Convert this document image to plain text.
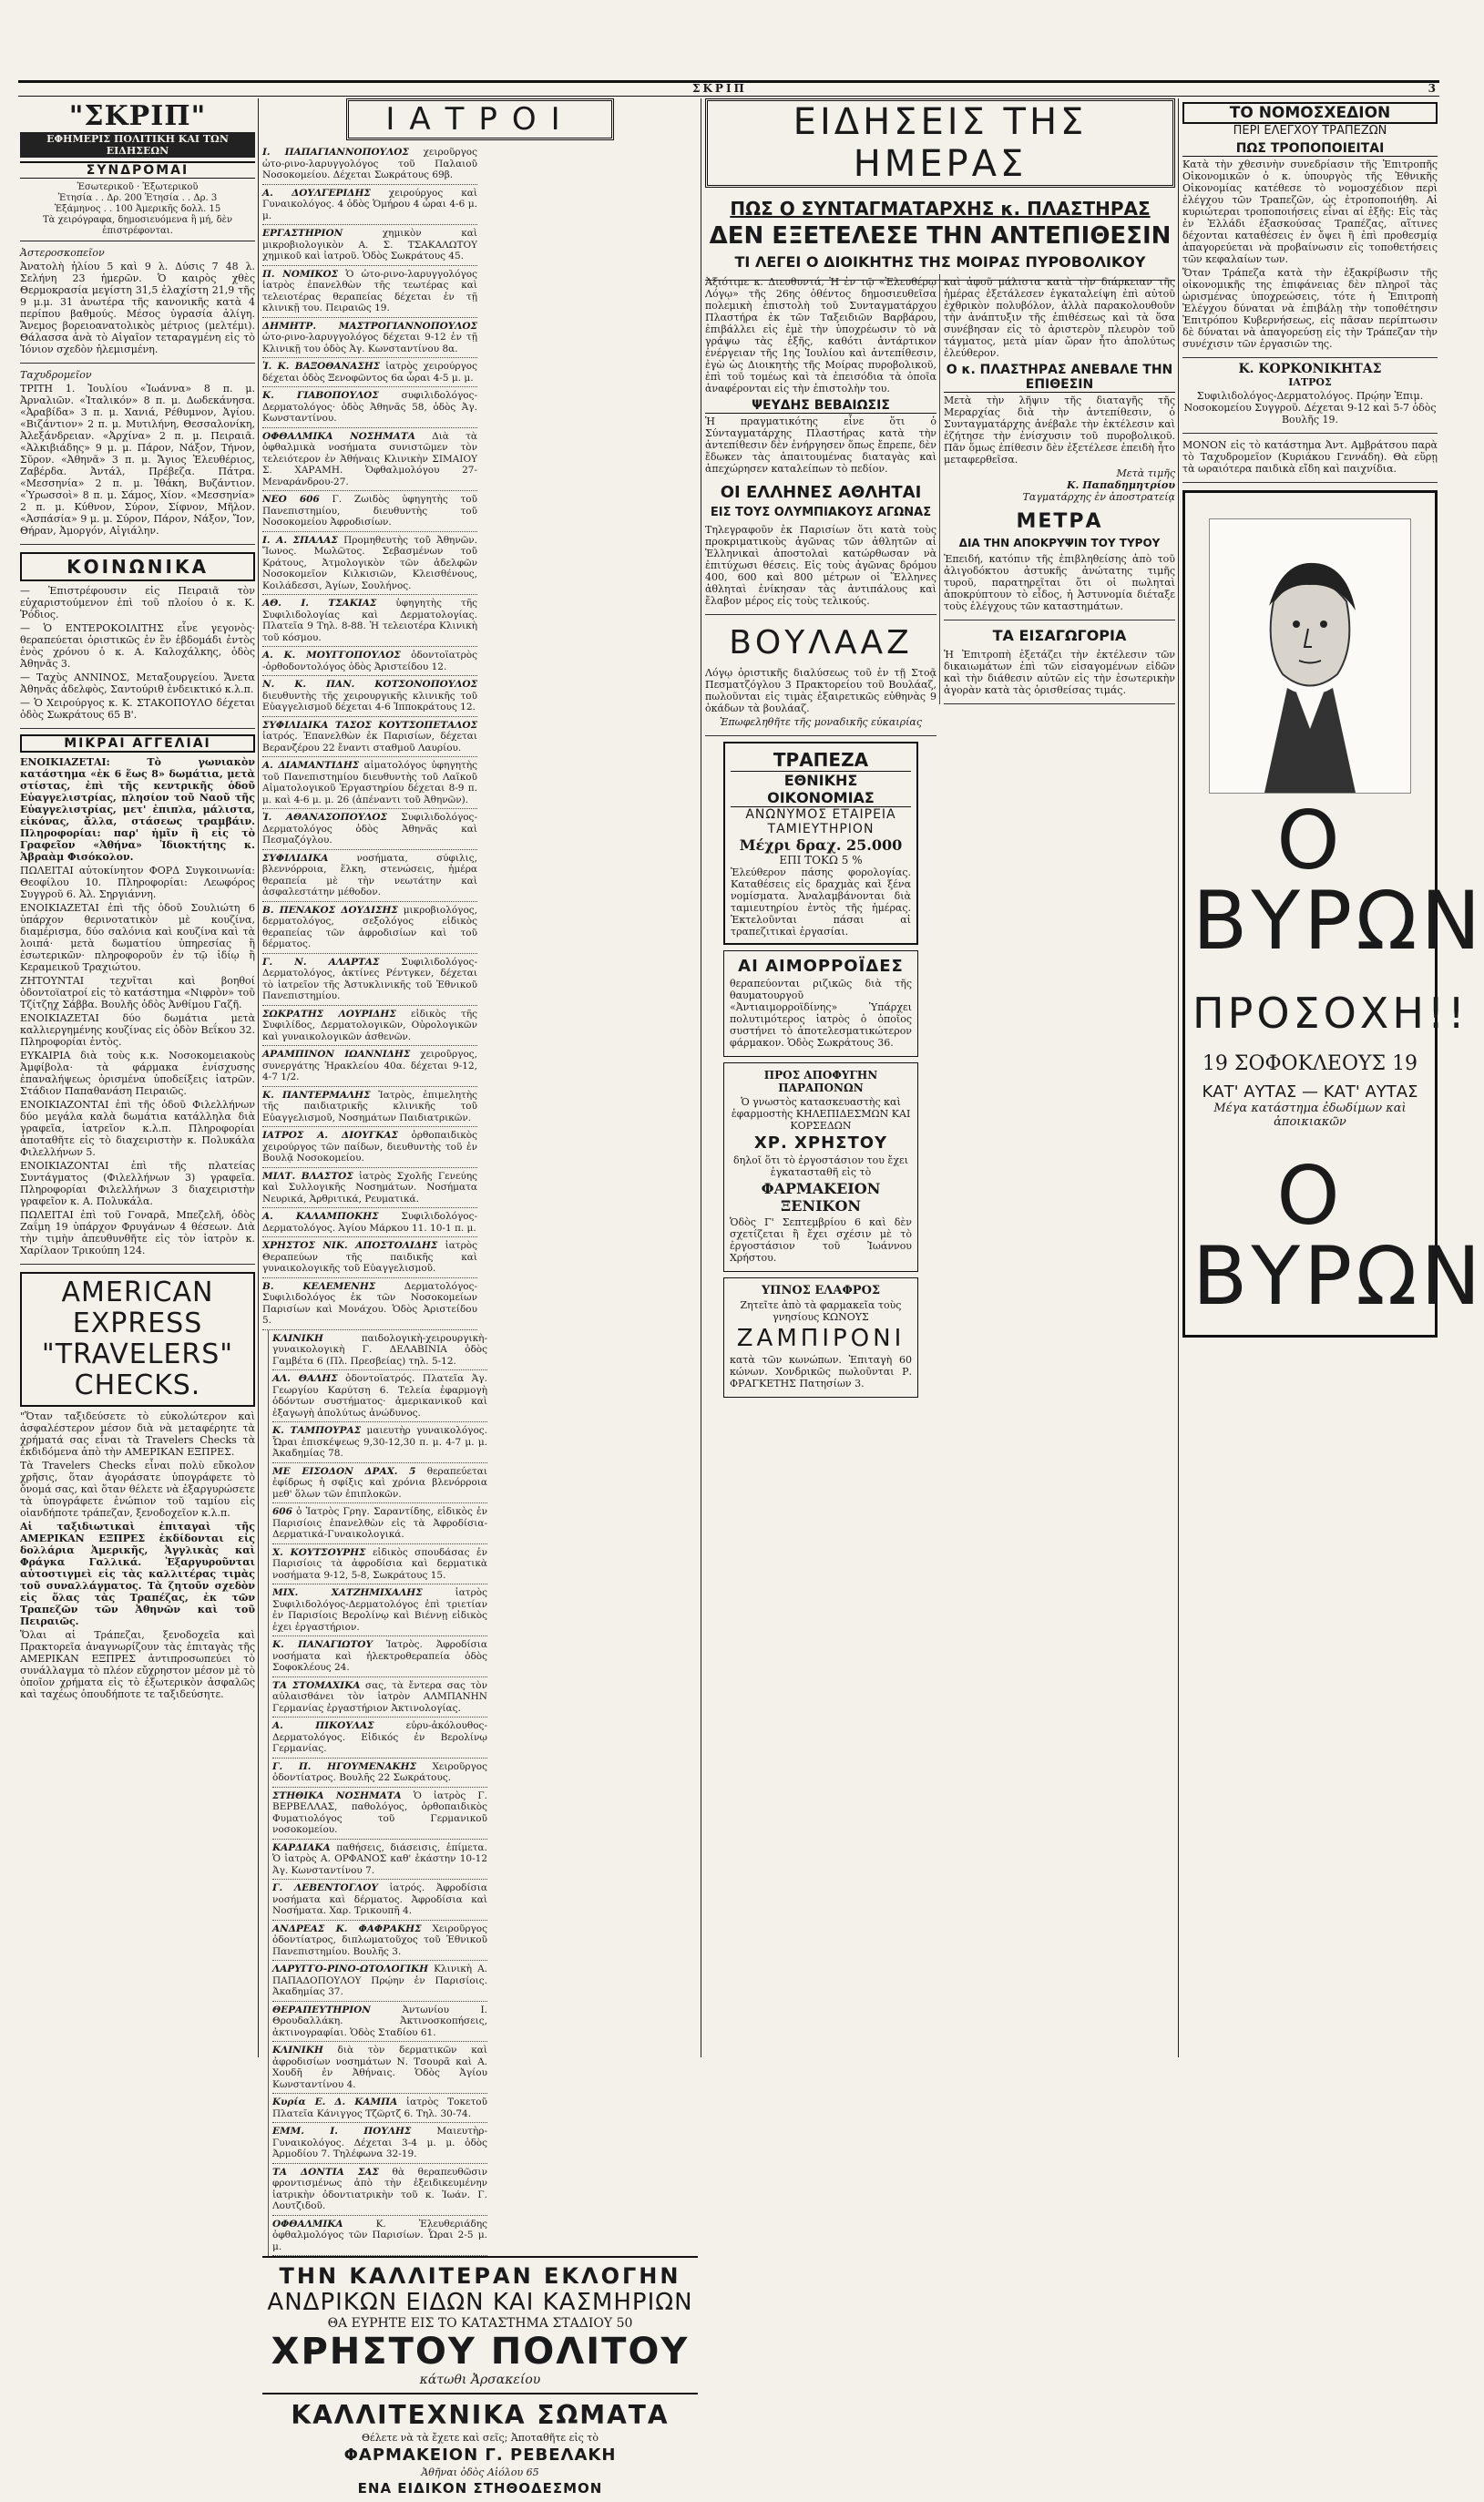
ΣΚΡΙΠ	3
"ΣΚΡΙΠ"
ΕΦΗΜΕΡΙΣ ΠΟΛΙΤΙΚΗ ΚΑΙ ΤΩΝ ΕΙΔΗΣΕΩΝ
ΣΥΝΔΡΟΜΑΙ
Ἐσωτερικοῦ · Ἐξωτερικοῦ
Ἐτησία . . Δρ. 200 Ἐτησία . . Δρ. 3
Ἑξάμηνος . . 100 Ἀμερικῆς δολλ. 15
Τὰ χειρόγραφα, δημοσιευόμενα ἢ μή, δὲν ἐπιστρέφονται.
Ἀστεροσκοπεῖον
Ἀνατολὴ ἡλίου 5 καὶ 9 λ. Δύσις 7 48 λ. Σελήνη 23 ἡμερῶν. Ὁ καιρὸς χθὲς Θερμοκρασία μεγίστη 31,5 ἐλαχίστη 21,9 τῆς 9 μ.μ. 31 ἀνωτέρα τῆς κανονικῆς κατὰ 4 περίπου βαθμούς. Μέσος ὑγρασία ἀλίγη. Ἄνεμος βορειοανατολικὸς μέτριος (μελτέμι). Θάλασσα ἀνὰ τὸ Αἰγαῖον τεταραγμένη εἰς τὸ Ἰόνιον σχεδὸν ἠλεμισμένη.
Ταχυδρομεῖον
ΤΡΙΤΗ 1. Ἰουλίου «Ἰωάννα» 8 π. μ. Ἀρναλιῶν. «Ἰταλικόν» 8 π. μ. Δωδεκάνησα. «Ἀραβίδα» 3 π. μ. Χανιά, Ρέθυμνον, Ἀγίου. «Βιζάντιον» 2 π. μ. Μυτιλήνη, Θεσσαλονίκη, Ἀλεξάνδρειαν. «Ἀρχίνα» 2 π. μ. Πειραιᾶ. «Ἀλκιβιάδης» 9 μ. μ. Πάρον, Νάξον, Τήνον, Σῦρον. «Ἀθηνᾶ» 3 π. μ. Ἄγιος Ἐλευθέριος, Ζαβέρδα. Ἀντάλ, Πρέβεζα. Πάτρα. «Μεσσηνία» 2 π. μ. Ἰθάκη, Βυζάντιον. «Ὑρωσσοὶ» 8 π. μ. Σάμος, Χίον. «Μεσσηνία» 2 π. μ. Κύθνον, Σύρον, Σίφνον, Μῆλον. «Ἀσπάσία» 9 μ. μ. Σύρον, Πάρον, Νάξον, Ἴον, Θήραν, Ἀμοργόν, Αἰγιάλην.
ΚΟΙΝΩΝΙΚΑ
— Ἐπιστρέφουσιν εἰς Πειραιᾶ τὸν εὐχαριστούμενον ἐπὶ τοῦ πλοίου ὁ κ. Κ. Ῥόδιος.
— Ὁ ΕΝΤΕΡΟΚΟΙΛΙΤΗΣ εἶνε γεγονὸς· θεραπεύεται ὁριστικῶς ἐν ἓν ἑβδομάδι ἐντὸς ἐνὸς χρόνου ὁ κ. Α. Καλοχάλκης, ὁδὸς Ἀθηνᾶς 3.
— Ταχὺς ΑΝΝΙΝΟΣ, Μεταξουργείου. Ἄνετα Ἀθηνᾶς ἀδελφὸς, Σαντούριθ ἑνδεικτικό κ.λ.π.
— Ὁ Χειρούργος κ. Κ. ΣΤΑΚΟΠΟΥΛΟ δέχεται ὁδὸς Σωκράτους 65 Β'.
ΜΙΚΡΑΙ ΑΓΓΕΛΙΑΙ
ΕΝΟΙΚΙΑΖΕΤΑΙ: Τὸ γωνιακὸν κατάστημα «ἐκ 6 ἕως 8» δωμάτια, μετὰ στίστας, ἐπὶ τῆς κεντρικῆς ὁδοῦ Εὐαγγελιστρίας, πλησίον τοῦ Ναοῦ τῆς Εὐαγγελιστρίας, μετ' ἐπιπλα, μάλιστα, εἰκόνας, ἄλλα, στάσεως τραμβάιν. Πληροφορίαι: παρ' ἡμῖν ἢ εἰς τὸ Γραφεῖον «Ἀθήνα» Ἰδιοκτήτης κ. Ἀβραὰμ Φισόκολον.
ΠΩΛΕΙΤΑΙ αὐτοκίνητον ΦΟΡΔ Συγκοινωνία: Θεοφίλου 10. Πληροφορίαι: Λεωφόρος Συγγροῦ 6. Ἀλ. Σηργιάννη.
ΕΝΟΙΚΙΑΖΕΤΑΙ ἐπὶ τῆς ὁδοῦ Σουλιώτη 6 ὑπάρχον θερινοτατικὸν μὲ κουζίνα, διαμέρισμα, δύο σαλόνια καὶ κουζίνα καὶ τὰ λοιπά· μετὰ δωματίου ὑπηρεσίας ἢ ἐσωτερικῶν· πληροφοροῦν ἐν τῷ ἰδίῳ ἢ Κεραμεικοῦ Τραχιώτου.
ΖΗΤΟΥΝΤΑΙ τεχνῖται καὶ βοηθοί ὀδοντοϊατροί εἰς τὸ κατάστημα «Νιφρὸν» τοῦ Τζίτζηχ Σάββα. Βουλῆς ὁδὸς Ἀνθίμου Γαζῆ.
ΕΝΟΙΚΙΑΖΕΤΑΙ δύο δωμάτια μετὰ καλλιεργημένης κουζίνας εἰς ὁδὸν Βεΐκου 32. Πληροφορίαι ἐντὸς.
ΕΥΚΑΙΡΙΑ διὰ τοὺς κ.κ. Νοσοκομειακοὺς Ἀμφίβολα· τὰ φάρμακα ἐνίσχυσης ἐπαναλήψεως ὁρισμένα ὑποδείξεις ἰατρῶν. Στάδιον Παπαθανάση Πειραιῶς.
ΕΝΟΙΚΙΑΖΟΝΤΑΙ ἐπὶ τῆς ὁδοῦ Φιλελλήνων δύο μεγάλα καλὰ δωμάτια κατάλληλα διὰ γραφεῖα, ἰατρεῖον κ.λ.π. Πληροφορίαι ἀποταθῆτε εἰς τὸ διαχειριστὴν κ. Πολυκάλα Φιλελλήνων 5.
ΕΝΟΙΚΙΑΖΟΝΤΑΙ ἐπὶ τῆς πλατείας Συντάγματος (Φιλελλήνων 3) γραφεῖα. Πληροφορίαι Φιλελλήνων 3 διαχειριστὴν γραφεῖον κ. Α. Πολυκάλα.
ΠΩΛΕΙΤΑΙ ἐπὶ τοῦ Γοναρᾶ, Μπεζελῆ, ὁδὸς Ζαΐμη 19 ὑπάρχον Φρυγάνων 4 θέσεων. Διὰ τὴν τιμὴν ἀπευθυνθῆτε εἰς τὸν ἰατρὸν κ. Χαρίλαον Τρικούπη 124.
AMERICAN EXPRESS
"TRAVELERS" CHECKS.
"Ὅταν ταξιδεύσετε τὸ εὐκολώτερον καὶ ἀσφαλέστερον μέσον διὰ νὰ μεταφέρητε τὰ χρήματά σας εἶναι τὰ Travelers Checks τὰ ἐκδιδόμενα ἀπὸ τὴν ΑΜΕΡΙΚΑΝ ΕΞΠΡΕΣ.
Τὰ Travelers Checks εἶναι πολὺ εὔκολον χρῆσις, ὅταν ἀγοράσατε ὑπογράφετε τὸ ὄνομά σας, καὶ ὅταν θέλετε νὰ ἐξαργυρώσετε τὰ ὑπογράφετε ἐνώπιον τοῦ ταμίου εἰς οἱανδήποτε τράπεζαν, ξενοδοχεῖον κ.λ.π.
Αἱ ταξιδιωτικαὶ ἐπιταγαὶ τῆς ΑΜΕΡΙΚΑΝ ΕΞΠΡΕΣ ἐκδίδονται εἰς δολλάρια Ἀμερικῆς, Ἀγγλικὰς καὶ Φράγκα Γαλλικά. Ἐξαργυροῦνται αὐτοστιγμεὶ εἰς τὰς καλλιτέρας τιμὰς τοῦ συναλλάγματος. Τὰ ζητοῦν σχεδὸν εἰς ὅλας τὰς Τραπέζας, ἐκ τῶν Τραπεζῶν τῶν Ἀθηνῶν καὶ τοῦ Πειραιῶς.
Ὅλαι αἱ Τράπεζαι, ξενοδοχεῖα καὶ Πρακτορεῖα ἀναγνωρίζουν τὰς ἐπιταγὰς τῆς ΑΜΕΡΙΚΑΝ ΕΞΠΡΕΣ ἀντιπροσωπεύει τὸ συνάλλαγμα τὸ πλέον εὔχρηστον μέσον μὲ τὸ ὁποῖον χρήματα εἰς τὸ ἐξωτερικὸν ἀσφαλῶς καὶ ταχέως ὁπουδήποτε τε ταξιδεύσητε.
ΙΑΤΡΟΙ
Ι. ΠΑΠΑΓΙΑΝΝΟΠΟΥΛΟΣ χειροῦργος ὠτο-ρινο-λαρυγγολόγος τοῦ Παλαιοῦ Νοσοκομείου. Δέχεται Σωκράτους 69β.
Α. ΔΟΥΛΓΕΡΙΔΗΣ χειρούργος καὶ Γυναικολόγος. 4 ὁδὸς Ὁμήρου 4 ὧραι 4-6 μ. μ.
ΕΡΓΑΣΤΗΡΙΟΝ	χημικὸν καὶ μικροβιολογικὸν Α. Σ. ΤΣΑΚΑΛΩΤΟΥ χημικοῦ καὶ ἰατροῦ. Ὁδὸς Σωκράτους 45.
Π. ΝΟΜΙΚΟΣ Ὁ ὠτο-ρινο-λαρυγγολόγος ἰατρὸς ἐπανελθὼν τῆς τεωτέρας καὶ τελειοτέρας θεραπείας δέχεται ἐν τῇ κλινικῇ του. Πειραιῶς 19.
ΔΗΜΗΤΡ. ΜΑΣΤΡΟΓΙΑΝΝΟΠΟΥΛΟΣ ὠτο-ρινο-λαρυγγολόγος δέχεται 9-12 ἐν τῇ Κλινικῇ του ὁδὸς Ἀγ. Κωνσταντίνου 8α.
Ἰ. Κ. ΒΑΞΟΘΑΝΑΣΗΣ ἰατρὸς χειρούργος δέχεται ὁδὸς Ξενοφῶντος 6α ὧραι 4-5 μ. μ.
Κ. ΓΙΑΒΟΠΟΥΛΟΣ συφιλιδολόγος-Δερματολόγος· ὁδὸς Ἀθηνᾶς 58, ὁδὸς Ἀγ. Κωνσταντίνου.
ΟΦΘΑΛΜΙΚΑ ΝΟΣΗΜΑΤΑ Διὰ τὰ ὀφθαλμικὰ νοσήματα συνιστῶμεν τὸν τελειότερον ἐν Ἀθήναις Κλινικὴν ΣΙΜΑΙΟΥ Σ. ΧΑΡΑΜΗ. Ὁφθαλμολόγου 27-Μεναράνδρου-27.
ΝΕΟ 606 Γ. Ζωιδὸς ὑφηγητὴς τοῦ Πανεπιστημίου, διευθυντὴς τοῦ Νοσοκομείου Ἀφροδισίων.
Ι. Α. ΣΠΑΛΑΣ Προμηθευτὴς τοῦ Ἀθηνῶν. Ἴωνος. Μωλῶτος. Σεβασμένων τοῦ Κράτους, Ἀτμολογικὸν τῶν ἀδελφῶν Νοσοκομεῖον Κιλκισιῶν, Κλεισθένους, Κοιλάδεσσι, Ἀγίων, Σουλήνος.
ΑΘ. Ι. ΤΣΑΚΙΑΣ ὑφηγητὴς τῆς Συφιλιδολογίας καὶ Δερματολογίας. Πλατεῖα 9 Τηλ. 8-88. Ἡ τελειοτέρα Κλινικὴ τοῦ κόσμου.
Α. Κ. ΜΟΥΓΓΟΠΟΥΛΟΣ ὀδοντοϊατρὸς -ὀρθοδοντολόγος ὁδὸς Ἀριστείδου 12.
Ν. Κ. ΠΑΝ. ΚΟΤΣΟΝΟΠΟΥΛΟΣ διευθυντὴς τῆς χειρουργικῆς κλινικῆς τοῦ Εὐαγγελισμοῦ δέχεται 4-6 Ἱπποκράτους 12.
ΣΥΦΙΛΙΔΙΚΑ ΤΑΣΟΣ ΚΟΥΤΣΟΠΕΤΑΛΟΣ ἰατρός. Ἐπανελθὼν ἐκ Παρισίων, δέχεται Βερανζέρου 22 ἔναντι σταθμοῦ Λαυρίου.
Α. ΔΙΑΜΑΝΤΙΔΗΣ αἰματολόγος ὑφηγητὴς τοῦ Πανεπιστημίου διευθυντὴς τοῦ Λαϊκοῦ Αἱματολογικοῦ Ἐργαστηρίου δέχεται 8-9 π. μ. καὶ 4-6 μ. μ. 26 (ἀπέναντι τοῦ Ἀθηνῶν).
Ἰ. ΑΘΑΝΑΣΟΠΟΥΛΟΣ Συφιλιδολόγος-Δερματολόγος ὁδὸς Ἀθηνᾶς καὶ Πεσμαζόγλου.
ΣΥΦΙΛΙΔΙΚΑ	νοσήματα, σύφιλις, βλεννόρροια, ἕλκη, στενώσεις, ἡμέρα θεραπεία μὲ τὴν νεωτάτην καὶ ἀσφαλεστάτην μέθοδον.
Β. ΠΕΝΑΚΟΣ ΔΟΥΔΙΣΗΣ μικροβιολόγος, δερματολόγος, σεξολόγος εἰδικὸς θεραπείας τῶν ἀφροδισίων καὶ τοῦ δέρματος.
Γ. Ν. ΑΛΑΡΤΑΣ Συφιλιδολόγος-Δερματολόγος, ἀκτίνες Ρέντγκεν, δέχεται τὸ ἰατρεῖον τῆς Ἀστυκλινικῆς τοῦ Ἐθνικοῦ Πανεπιστημίου.
ΣΩΚΡΑΤΗΣ ΛΟΥΡΙΔΗΣ εἰδικὸς τῆς Συφιλίδος, Δερματολογικῶν, Οὐρολογικῶν καὶ γυναικολογικῶν ἀσθενῶν.
ΑΡΑΜΠΙΝΟΝ ΙΩΑΝΝΙΔΗΣ χειροῦργος, συνεργάτης Ἡρακλείου 40α. δέχεται 9-12, 4-7 1/2.
Κ. ΠΑΝΤΕΡΜΑΛΗΣ Ἰατρὸς, ἐπιμελητὴς τῆς παιδιατρικῆς κλινικῆς τοῦ Εὐαγγελισμοῦ, Νοσημάτων Παιδιατρικῶν.
ΙΑΤΡΟΣ Α. ΔΙΟΥΓΚΑΣ ὀρθοπαιδικὸς χειρούργος τῶν παίδων, διευθυντὴς τοῦ ἐν Βουλᾷ Νοσοκομείου.
ΜΙΛΤ. ΒΛΑΣΤΟΣ ἰατρὸς Σχολῆς Γενεύης καὶ Συλλογικῆς Νοσημάτων. Νοσήματα Νευρικά, Ἀρθριτικά, Ρευματικά.
Α. ΚΑΛΑΜΠΟΚΗΣ Συφιλιδολόγος-Δερματολόγος. Ἀγίου Μάρκου 11. 10-1 π. μ.
ΧΡΗΣΤΟΣ ΝΙΚ. ΑΠΟΣΤΟΛΙΔΗΣ ἰατρὸς Θεραπεύων τῆς παιδικῆς καὶ γυναικολογικῆς τοῦ Εὐαγγελισμοῦ.
Β. ΚΕΛΕΜΕΝΗΣ	Δερματολόγος-Συφιλιδολόγος ἐκ τῶν Νοσοκομείων Παρισίων καὶ Μονάχου. Ὁδὸς Ἀριστείδου 5.
ΚΛΙΝΙΚΗ	παιδολογικὴ-χειρουργικὴ-γυναικολογικὴ Γ. ΔΕΛΑΒΙΝΙΑ ὁδὸς Γαμβέτα 6 (Πλ. Πρεσβείας) τηλ. 5-12.
ΑΛ. ΘΑΛΗΣ ὀδοντοϊατρός. Πλατεῖα Ἀγ. Γεωργίου Καρύτση 6. Τελεία ἐφαρμογὴ ὀδόντων συστήματος· ἀμερικανικοῦ καὶ ἐξαγωγὴ ἀπολύτως ἀνώδυνος.
Κ. ΤΑΜΠΟΥΡΑΣ μαιευτὴρ γυναικολόγος. Ὧραι ἐπισκέψεως 9,30-12,30 π. μ. 4-7 μ. μ. Ἀκαδημίας 78.
ΜΕ ΕΙΣΟΔΟΝ ΔΡΑΧ. 5 θεραπεύεται ἐφίδρως ἡ σφίξις καὶ χρόνια βλενόρροια μεθ' ὅλων τῶν ἐπιπλοκῶν.
606 ὁ Ἰατρὸς Γρηγ. Σαραντίδης, εἰδικὸς ἐν Παρισίοις ἐπανελθὼν εἰς τὰ Ἀφροδίσια-Δερματικά-Γυναικολογικά.
Χ. ΚΟΥΤΣΟΥΡΗΣ εἰδικὸς σπουδάσας ἐν Παρισίοις τὰ ἀφροδίσια καὶ δερματικὰ νοσήματα 9-12, 5-8, Σωκράτους 15.
ΜΙΧ. ΧΑΤΖΗΜΙΧΑΛΗΣ	ἰατρὸς Συφιλιδολόγος-Δερματολόγος ἐπὶ τριετίαν ἐν Παρισίοις Βερολίνῳ καὶ Βιέννῃ εἰδικὸς ἐχει ἐργαστήριον.
Κ. ΠΑΝΑΓΙΩΤΟΥ Ἰατρὸς. Ἀφροδίσια νοσήματα καὶ ἠλεκτροθεραπεία ὁδὸς Σοφοκλέους 24.
ΤΑ ΣΤΟΜΑΧΙΚΑ σας, τὰ ἔντερα σας τὸν αὐλαισθάνει τὸν ἰατρὸν ΑΛΜΠΑΝΗΝ Γερμανίας ἐργαστήριον Ἀκτινολογίας.
Α. ΠΙΚΟΥΛΑΣ	εὐρυ-ἀκόλουθος-Δερματολόγος. Εἰδικός ἐν Βερολίνῳ Γερμανίας.
Γ. Π. ΗΓΟΥΜΕΝΑΚΗΣ Χειροῦργος ὀδοντίατρος. Βουλῆς 22 Σωκράτους.
ΣΤΗΘΙΚΑ ΝΟΣΗΜΑΤΑ Ὁ ἰατρὸς Γ. ΒΕΡΒΕΛΛΑΣ, παθολόγος, ὀρθοπαιδικὸς Φυματιολόγος τοῦ Γερμανικοῦ νοσοκομείου.
ΚΑΡΔΙΑΚΑ παθήσεις, διάσεισις, ἐπίμετα. Ὁ ἰατρὸς Α. ΟΡΦΑΝΟΣ καθ' ἑκάστην 10-12 Ἀγ. Κωνσταντίνου 7.
Γ. ΛΕΒΕΝΤΟΓΛΟΥ ἰατρός. Ἀφροδίσια νοσήματα καὶ δέρματος. Ἀφροδίσια καὶ Νοσήματα. Χαρ. Τρικουπῆ 4.
ΑΝΔΡΕΑΣ Κ. ΦΑΦΡΑΚΗΣ Χειροῦργος ὀδοντίατρος, διπλωματοῦχος τοῦ Ἐθνικοῦ Πανεπιστημίου. Βουλῆς 3.
ΛΑΡΥΓΓΟ-ΡΙΝΟ-ΩΤΟΛΟΓΙΚΗ Κλινικὴ Α. ΠΑΠΑΔΟΠΟΥΛΟΥ Πρῴην ἐν Παρισίοις. Ἀκαδημίας 37.
ΘΕΡΑΠΕΥΤΗΡΙΟΝ	Ἀντωνίου Ι. Θρουδαλλάκη. Ἀκτινοσκοπήσεις, ἀκτινογραφίαι. Ὁδὸς Σταδίου 61.
ΚΛΙΝΙΚΗ διὰ τὸν δερματικῶν καὶ ἀφροδισίων νοσημάτων Ν. Τσουρᾶ καὶ Α. Χουδῆ ἐν Ἀθήναις. Ὁδὸς Ἀγίου Κωνσταντίνου 4.
Κυρία Ε. Δ. ΚΑΜΠΑ ἰατρὸς Τοκετοῦ Πλατεῖα Κάνιγγος Τζῶρτζ 6. Τηλ. 30-74.
ΕΜΜ. Ι. ΠΟΥΛΗΣ	Μαιευτὴρ-Γυναικολόγος. Δέχεται 3-4 μ. μ. ὁδὸς Ἀρμοδίου 7. Τηλέφωνα 32-19.
ΤΑ ΔΟΝΤΙΑ ΣΑΣ θὰ θεραπευθῶσιν φροντισμένως ἀπὸ τὴν ἐξειδικευμένην ἰατρικὴν ὀδοντιατρικὴν τοῦ κ. Ἰωάν. Γ. Λουτζιδοῦ.
ΟΦΘΑΛΜΙΚΑ	Κ. Ἐλευθεριάδης ὀφθαλμολόγος τῶν Παρισίων. Ὧραι 2-5 μ. μ.
ΤΗΝ ΚΑΛΛΙΤΕΡΑΝ ΕΚΛΟΓΗΝ
ΑΝΔΡΙΚΩΝ ΕΙΔΩΝ ΚΑΙ ΚΑΣΜΗΡΙΩΝ
ΘΑ ΕΥΡΗΤΕ ΕΙΣ ΤΟ ΚΑΤΑΣΤΗΜΑ ΣΤΑΔΙΟΥ 50
ΧΡΗΣΤΟΥ ΠΟΛΙΤΟΥ
κάτωθι Ἀρσακείου
ΚΑΛΛΙΤΕΧΝΙΚΑ ΣΩΜΑΤΑ
Θέλετε νὰ τὰ ἔχετε καὶ σεῖς; Ἀποταθῆτε εἰς τὸ
ΦΑΡΜΑΚΕΙΟΝ Γ. ΡΕΒΕΛΑΚΗ
Ἀθῆναι ὁδὸς Αἰόλου 65
ΕΝΑ ΕΙΔΙΚΟΝ ΣΤΗΘΟΔΕΣΜΟΝ
ΕΙΔΗΣΕΙΣ ΤΗΣ ΗΜΕΡΑΣ
ΠΩΣ Ο ΣΥΝΤΑΓΜΑΤΑΡΧΗΣ κ. ΠΛΑΣΤΗΡΑΣ
ΔΕΝ ΕΞΕΤΕΛΕΣΕ ΤΗΝ ΑΝΤΕΠΙΘΕΣΙΝ
ΤΙ ΛΕΓΕΙ Ο ΔΙΟΙΚΗΤΗΣ ΤΗΣ ΜΟΙΡΑΣ ΠΥΡΟΒΟΛΙΚΟΥ
Ἀξιότιμε κ. Διευθυντά, Ἡ ἐν τῷ «Ἐλευθέρῳ Λόγῳ» τῆς 26ης ὀθέντος δημοσιευθεῖσα πολεμικὴ ἐπιστολὴ τοῦ Συνταγματάρχου Πλαστήρα ἐκ τῶν Ταξειδιῶν Βαρβάρου, ἐπιβάλλει εἰς ἐμὲ τὴν ὑποχρέωσιν τὸ νὰ γράψω τὰς ἑξῆς, καθότι ἀντάρτικον ἐνέργειαν τῆς 1ης Ἰουλίου καὶ ἀντεπίθεσιν, ἐγὼ ὡς Διοικητὴς τῆς Μοίρας πυροβολικοῦ, ἐπὶ τοῦ τομέως καὶ τὰ ἐπεισόδια τὰ ὁποῖα ἀναφέρονται εἰς τὴν ἐπιστολὴν του.
ΨΕΥΔΗΣ ΒΕΒΑΙΩΣΙΣ
Ἡ πραγματικότης εἶνε ὅτι ὁ Σύνταγματάρχης Πλαστήρας κατὰ τὴν ἀντεπίθεσιν δὲν ἐνήργησεν ὅπως ἔπρεπε, δὲν ἔδωκεν τὰς ἀπαιτουμένας διαταγὰς καὶ ἀπεχώρησεν καταλείπων τὸ πεδίον.
καὶ ἀφοῦ μάλιστα κατὰ τὴν διάρκειαν τῆς ἡμέρας ἐξετάλεσεν ἐγκαταλείψη ἐπὶ αὐτοῦ ἐχθρικὸν πολυβόλον, ἀλλὰ παρακολουθοῦν τὴν ἀνάπτυξιν τῆς ἐπιθέσεως καὶ τὰ ὅσα συνέβησαν εἰς τὸ ἀριστερὸν πλευρὸν τοῦ τάγματος, μετὰ μίαν ὥραν ἦτο ἀπολύτως ἐλεύθερον.
Ο κ. ΠΛΑΣΤΗΡΑΣ ΑΝΕΒΑΛΕ ΤΗΝ ΕΠΙΘΕΣΙΝ
Μετὰ τὴν λῆψιν τῆς διαταγῆς τῆς Μεραρχίας διὰ τὴν ἀντεπίθεσιν, ὁ Συνταγματάρχης ἀνέβαλε τὴν ἐκτέλεσιν καὶ ἐζήτησε τὴν ἐνίσχυσιν τοῦ πυροβολικοῦ. Πᾶν ὅμως ἐπίθεσιν δὲν ἐξετέλεσε ἐπειδὴ ἦτο μεταφερθεῖσα.
Μετὰ τιμῆς
Κ. Παπαδημητρίου
Ταγματάρχης ἐν ἀποστρατείᾳ
ΟΙ ΕΛΛΗΝΕΣ ΑΘΛΗΤΑΙ
ΕΙΣ ΤΟΥΣ ΟΛΥΜΠΙΑΚΟΥΣ ΑΓΩΝΑΣ
Τηλεγραφοῦν ἐκ Παρισίων ὅτι κατὰ τοὺς προκριματικοὺς ἀγῶνας τῶν ἀθλητῶν αἱ Ἑλληνικαὶ ἀποστολαὶ κατώρθωσαν νὰ ἐπιτύχωσι θέσεις. Εἰς τοὺς ἀγῶνας δρόμου 400, 600 καὶ 800 μέτρων οἱ Ἕλληνες ἀθληταὶ ἐνίκησαν τὰς ἀντιπάλους καὶ ἔλαβον μέρος εἰς τοὺς τελικούς.
ΒΟΥΛΑΑΖ
Λόγῳ ὁριστικῆς διαλύσεως τοῦ ἐν τῇ Στοᾷ Πεσματζόγλου 3 Πρακτορείου τοῦ Βουλάαζ, πωλοῦνται εἰς τιμὰς ἐξαιρετικῶς εὐθηνὰς 9 ὀκάδων τὰ βουλάαζ.
Ἐπωφεληθῆτε τῆς μοναδικῆς εὐκαιρίας
ΤΡΑΠΕΖΑ
ΕΘΝΙΚΗΣ ΟΙΚΟΝΟΜΙΑΣ
ΑΝΩΝΥΜΟΣ ΕΤΑΙΡΕΙΑ
ΤΑΜΙΕΥΤΗΡΙΟΝ
Μέχρι δραχ. 25.000
ΕΠΙ ΤΟΚΩ 5 %
Ἐλεύθερον πάσης φορολογίας. Καταθέσεις εἰς δραχμὰς καὶ ξένα νομίσματα. Ἀναλαμβάνονται διὰ ταμιευτηρίου ἐντὸς τῆς ἡμέρας. Ἐκτελοῦνται πάσαι αἱ τραπεζιτικαὶ ἐργασίαι.
ΑΙ ΑΙΜΟΡΡΟΪΔΕΣ
θεραπεύονται ριζικῶς διὰ τῆς θαυματουργοῦ «Ἀντιαιμορροϊδίνης» Ὑπάρχει πολυτιμότερος ἰατρὸς ὁ ὁποῖος συστήνει τὸ ἀποτελεσματικώτερον φάρμακον. Ὁδὸς Σωκράτους 36.
ΠΡΟΣ ΑΠΟΦΥΓΗΝ ΠΑΡΑΠΟΝΩΝ
Ὁ γνωστὸς κατασκευαστὴς καὶ ἐφαρμοστὴς ΚΗΛΕΠΙΔΕΣΜΩΝ ΚΑΙ ΚΟΡΣΕΔΩΝ
ΧΡ. ΧΡΗΣΤΟΥ
δηλοῖ ὅτι τὸ ἐργοστάσιον του ἔχει ἐγκατασταθῆ εἰς τὸ
ΦΑΡΜΑΚΕΙΟΝ ΞΕΝΙΚΟΝ
Ὁδὸς Γ' Σεπτεμβρίου 6 καὶ δὲν σχετίζεται ἢ ἔχει σχέσιν μὲ τὸ ἐργοστάσιον τοῦ Ἰωάννου Χρήστου.
ΥΠΝΟΣ ΕΛΑΦΡΟΣ
Ζητεῖτε ἀπὸ τὰ φαρμακεῖα τοὺς γνησίους ΚΩΝΟΥΣ
ΖΑΜΠΙΡΟΝΙ
κατὰ τῶν κωνώπων. Ἐπιταγὴ 60 κώνων. Χονδρικῶς πωλοῦνται Ρ. ΦΡΑΓΚΕΤΗΣ Πατησίων 3.
ΜΕΤΡΑ
ΔΙΑ ΤΗΝ ΑΠΟΚΡΥΨΙΝ ΤΟΥ ΤΥΡΟΥ
Ἐπειδή, κατόπιν τῆς ἐπιβληθείσης ἀπὸ τοῦ ἀλιγοδόκτου ἀστυκῆς ἀνώτατης τιμῆς τυροῦ, παρατηρεῖται ὅτι οἱ πωληταὶ ἀποκρύπτουν τὸ εἶδος, ἡ Ἀστυνομία διέταξε τοὺς ἐλέγχους τῶν καταστημάτων.
ΤΑ ΕΙΣΑΓΩΓΟΡΙΑ
Ἡ Ἐπιτροπὴ ἐξετάζει τὴν ἐκτέλεσιν τῶν δικαιωμάτων ἐπὶ τῶν εἰσαγομένων εἰδῶν καὶ τὴν διάθεσιν αὐτῶν εἰς τὴν ἐσωτερικὴν ἀγορὰν κατὰ τὰς ὁρισθείσας τιμάς.
ΤΟ ΝΟΜΟΣΧΕΔΙΟΝ
ΠΕΡΙ ΕΛΕΓΧΟΥ ΤΡΑΠΕΖΩΝ
ΠΩΣ ΤΡΟΠΟΠΟΙΕΙΤΑΙ
Κατὰ τὴν χθεσινὴν συνεδρίασιν τῆς Ἐπιτροπῆς Οἰκονομικῶν ὁ κ. ὑπουργὸς τῆς Ἐθνικῆς Οἰκονομίας κατέθεσε τὸ νομοσχέδιον περὶ ἐλέγχου τῶν Τραπεζῶν, ὡς ἐτροποποιήθη. Αἱ κυριώτεραι τροποποιήσεις εἶναι αἱ ἑξῆς: Εἰς τὰς ἐν Ἑλλάδι ἐξασκούσας Τραπέζας, αἵτινες δέχονται καταθέσεις ἐν ὄψει ἢ ἐπὶ προθεσμίᾳ ἀπαγορεύεται νὰ προβαίνωσιν εἰς τοποθετήσεις τῶν κεφαλαίων των.
Ὅταν Τράπεζα κατὰ τὴν ἐξακρίβωσιν τῆς οἰκονομικῆς της ἐπιφάνειας δὲν πληροῖ τὰς ὡρισμένας ὑποχρεώσεις, τότε ἡ Ἐπιτροπὴ Ἐλέγχου δύναται νὰ ἐπιβάλῃ τὴν τοποθέτησιν Ἐπιτρόπου Κυβερνήσεως, εἰς πᾶσαν περίπτωσιν δὲ δύναται νὰ ἀπαγορεύσῃ εἰς τὴν Τράπεζαν τὴν συνέχισιν τῶν ἐργασιῶν της.
Κ. ΚΟΡΚΟΝΙΚΗΤΑΣ
ΙΑΤΡΟΣ
Συφιλιδολόγος-Δερματολόγος. Πρῴην Ἐπιμ. Νοσοκομείου Συγγροῦ. Δέχεται 9-12 καὶ 5-7 ὁδὸς Βουλῆς 19.
ΜΟΝΟΝ εἰς τὸ κατάστημα Ἀντ. Αμβράτσου παρὰ τὸ Ταχυδρομεῖον (Κυριάκου Γεννάδη). Θὰ εὕρῃ τὰ ωραιότερα παιδικὰ εἴδη καὶ παιχνίδια.
Ο ΒΥΡΩΝ
ΠΡΟΣΟΧΗ!!
19 ΣΟΦΟΚΛΕΟΥΣ 19
ΚΑΤ' ΑΥΤΑΣ — ΚΑΤ' ΑΥΤΑΣ
Μέγα κατάστημα ἐδωδίμων καὶ ἀποικιακῶν
Ο ΒΥΡΩΝ
